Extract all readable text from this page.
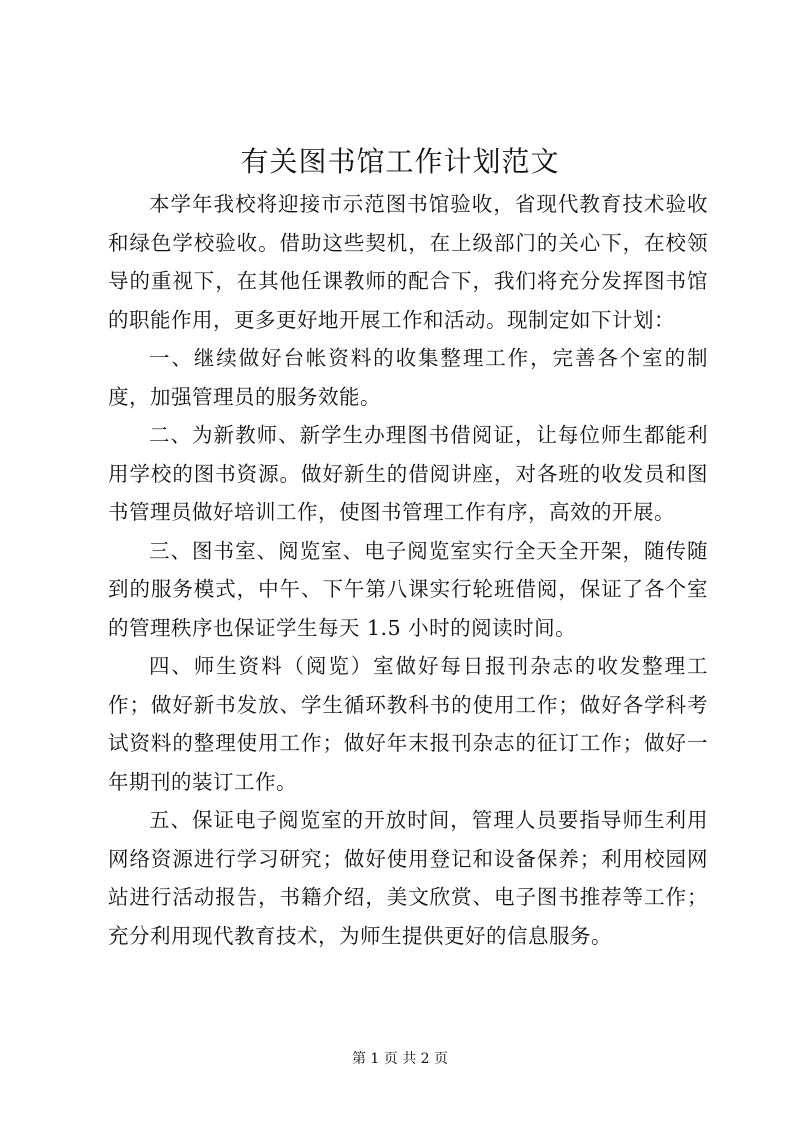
有关图书馆工作计划范文

本学年我校将迎接市示范图书馆验收，省现代教育技术验收和绿色学校验收。借助这些契机，在上级部门的关心下，在校领导的重视下，在其他任课教师的配合下，我们将充分发挥图书馆的职能作用，更多更好地开展工作和活动。现制定如下计划：

一、继续做好台帐资料的收集整理工作，完善各个室的制度，加强管理员的服务效能。

二、为新教师、新学生办理图书借阅证，让每位师生都能利用学校的图书资源。做好新生的借阅讲座，对各班的收发员和图书管理员做好培训工作，使图书管理工作有序，高效的开展。

三、图书室、阅览室、电子阅览室实行全天全开架，随传随到的服务模式，中午、下午第八课实行轮班借阅，保证了各个室的管理秩序也保证学生每天 1.5 小时的阅读时间。

四、师生资料（阅览）室做好每日报刊杂志的收发整理工作；做好新书发放、学生循环教科书的使用工作；做好各学科考试资料的整理使用工作；做好年末报刊杂志的征订工作；做好一年期刊的装订工作。

五、保证电子阅览室的开放时间，管理人员要指导师生利用网络资源进行学习研究；做好使用登记和设备保养；利用校园网站进行活动报告，书籍介绍，美文欣赏、电子图书推荐等工作；充分利用现代教育技术，为师生提供更好的信息服务。

第 1 页 共 2 页
